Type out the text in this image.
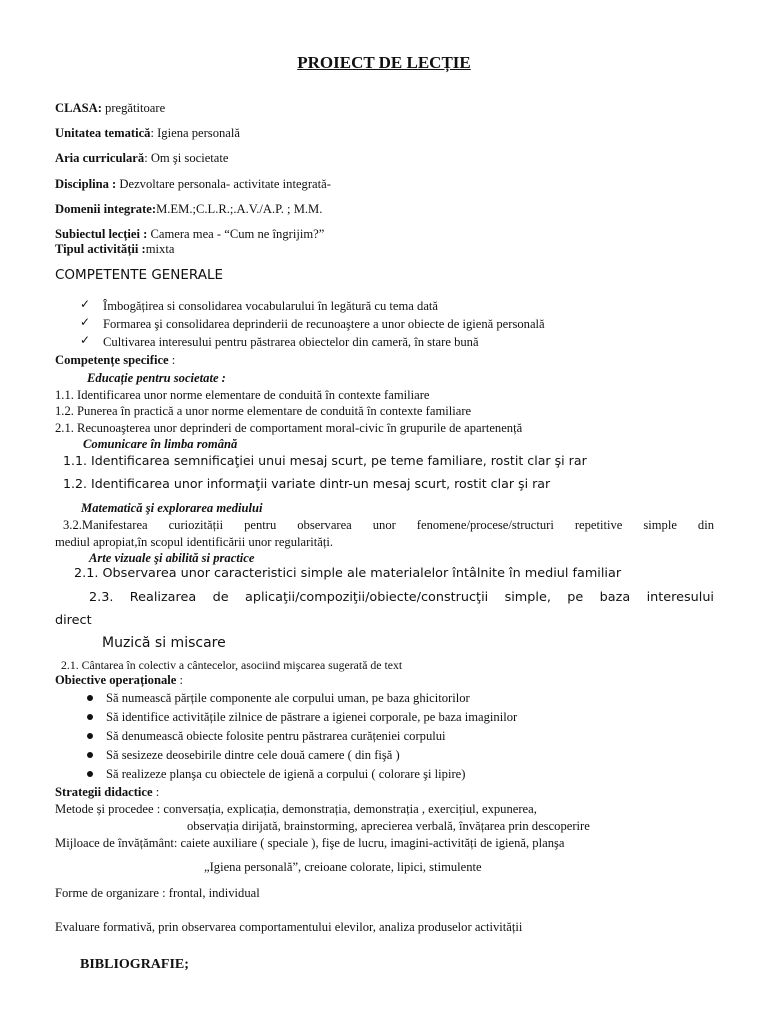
PROIECT DE LECȚIE
CLASA: pregătitoare
Unitatea tematică: Igiena personală
Aria curriculară: Om şi societate
Disciplina : Dezvoltare personala- activitate integrată-
Domenii integrate:M.EM.;C.L.R.;.A.V./A.P. ; M.M.
Subiectul lecției : Camera mea - “Cum ne îngrijim?”
Tipul activității :mixta
COMPETENTE GENERALE
✓ Îmbogățirea si consolidarea vocabularului în legătură cu tema dată
✓ Formarea şi consolidarea deprinderii de recunoaştere a unor obiecte de igienă personală
✓ Cultivarea interesului pentru păstrarea obiectelor din cameră, în stare bună
Competențe specifice :
Educație pentru societate :
1.1. Identificarea unor norme elementare de conduită în contexte familiare
1.2. Punerea în practică a unor norme elementare de conduită în contexte familiare
2.1. Recunoaşterea unor deprinderi de comportament moral-civic în grupurile de apartenență
Comunicare în limba română
1.1. Identificarea semnificaţiei unui mesaj scurt, pe teme familiare, rostit clar şi rar
1.2. Identificarea unor informaţii variate dintr-un mesaj scurt, rostit clar şi rar
Matematică şi explorarea mediului
3.2.Manifestarea curiozității pentru observarea unor fenomene/procese/structuri repetitive simple din
mediul apropiat,în scopul identificării unor regularități.
Arte vizuale şi abilită si practice
2.1. Observarea unor caracteristici simple ale materialelor întâlnite în mediul familiar
2.3. Realizarea de aplicaţii/compoziţii/obiecte/construcţii simple, pe baza interesului
direct
Muzică si miscare
2.1. Cântarea în colectiv a cântecelor, asociind mişcarea sugerată de text
Obiective operaționale :
Să numească părțile componente ale corpului uman, pe baza ghicitorilor
Să identifice activitățile zilnice de păstrare a igienei corporale, pe baza imaginilor
Să denumească obiecte folosite pentru păstrarea curățeniei corpului
Să sesizeze deosebirile dintre cele două camere ( din fişă )
Să realizeze planşa cu obiectele de igienă a corpului ( colorare şi lipire)
Strategii didactice :
Metode și procedee : conversația, explicația, demonstrația, demonstrația , exercițiul, expunerea,
observația dirijată, brainstorming, aprecierea verbală, învățarea prin descoperire
Mijloace de învățământ: caiete auxiliare ( speciale ), fişe de lucru, imagini-activități de igienă, planşa
„Igiena personală”, creioane colorate, lipici, stimulente
Forme de organizare : frontal, individual
Evaluare formativă, prin observarea comportamentului elevilor, analiza produselor activității
BIBLIOGRAFIE;
